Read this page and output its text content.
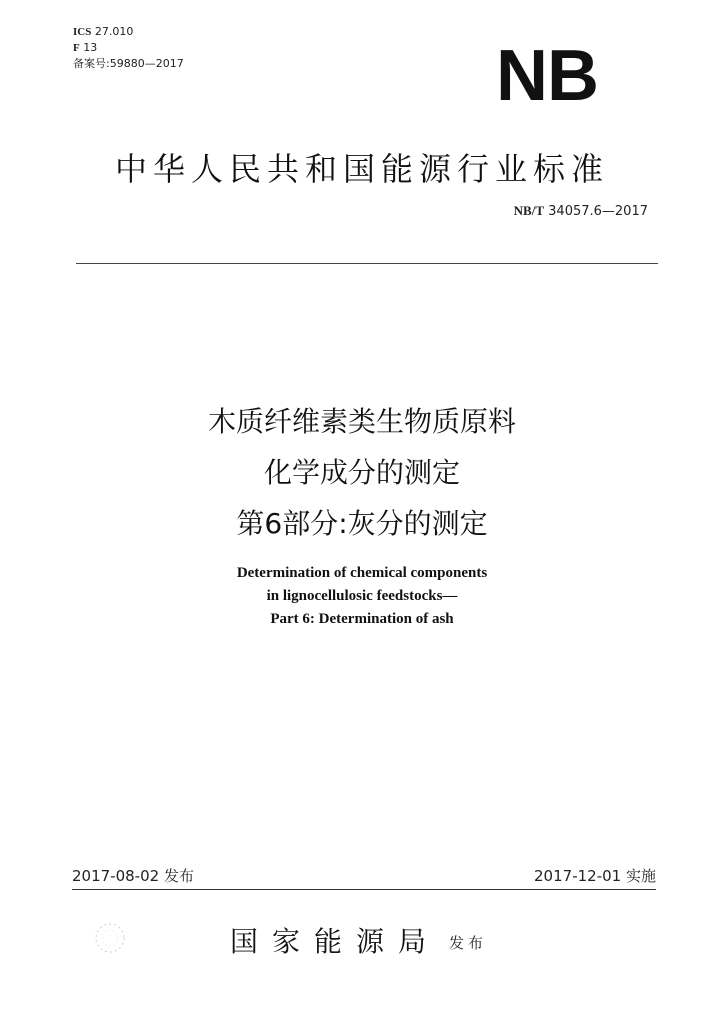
ICS 27.010
F 13
备案号:59880—2017	NB
中华人民共和国能源行业标准
NB/T 34057.6—2017
木质纤维素类生物质原料
化学成分的测定
第6部分:灰分的测定
Determination of chemical components
in lignocellulosic feedstocks—
Part 6: Determination of ash
2017-08-02 发布	2017-12-01 实施
国家能源局 发布
